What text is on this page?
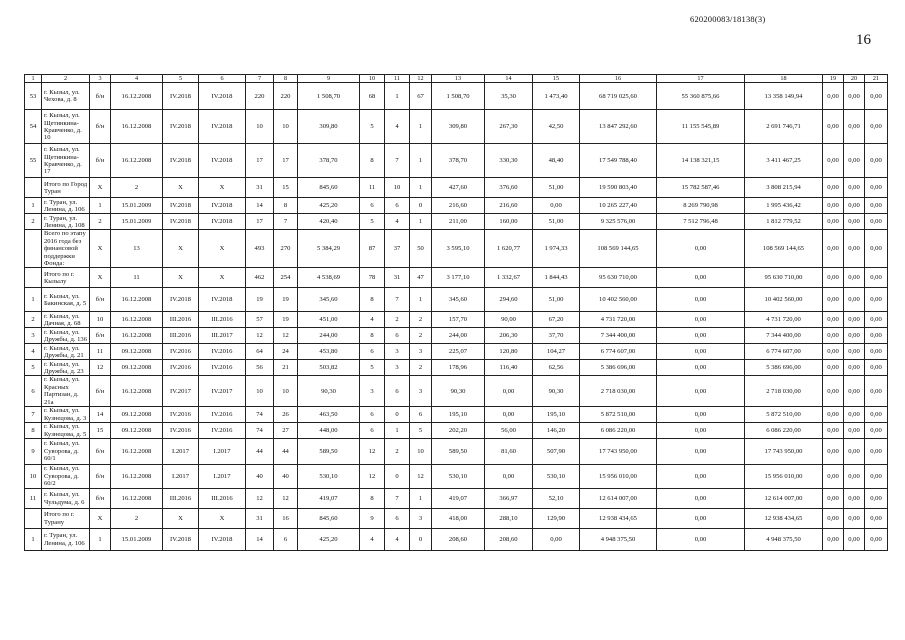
620200083/18138(3)
16
1	2	3	4	5	6	7	8	9	10	11	12	13	14	15	16	17	18	19	20	21
53	г. Кызыл, ул. Чехова, д. 8	б/н	16.12.2008	IV.2018	IV.2018	220	220	1 508,70	68	1	67	1 508,70	35,30	1 473,40	68 719 025,60	55 360 875,66	13 358 149,94	0,00	0,00	0,00
54	г. Кызыл, ул. Щетинкина-Кравченко, д. 10	б/н	16.12.2008	IV.2018	IV.2018	10	10	309,80	5	4	1	309,80	267,30	42,50	13 847 292,60	11 155 545,89	2 691 746,71	0,00	0,00	0,00
55	г. Кызыл, ул. Щетинкина-Кравченко, д. 17	б/н	16.12.2008	IV.2018	IV.2018	17	17	378,70	8	7	1	378,70	330,30	48,40	17 549 788,40	14 138 321,15	3 411 467,25	0,00	0,00	0,00
	Итого по Город Туран	X	2	X	X	31	15	845,60	11	10	1	427,60	376,60	51,00	19 590 803,40	15 782 587,46	3 808 215,94	0,00	0,00	0,00
1	г. Туран, ул. Ленина, д. 106	1	15.01.2009	IV.2018	IV.2018	14	8	425,20	6	6	0	216,60	216,60	0,00	10 265 227,40	8 269 790,98	1 995 436,42	0,00	0,00	0,00
2	г. Туран, ул. Ленина, д. 108	2	15.01.2009	IV.2018	IV.2018	17	7	420,40	5	4	1	211,00	160,00	51,00	9 325 576,00	7 512 796,48	1 812 779,52	0,00	0,00	0,00
	Всего по этапу 2016 года без финансовой поддержки Фонда:	X	13	X	X	493	270	5 384,29	87	37	50	3 595,10	1 620,77	1 974,33	108 569 144,65	0,00	108 569 144,65	0,00	0,00	0,00
	Итого по г. Кызылу	X	11	X	X	462	254	4 538,69	78	31	47	3 177,10	1 332,67	1 844,43	95 630 710,00	0,00	95 630 710,00	0,00	0,00	0,00
1	г. Кызыл, ул. Бакинская, д. 5	б/н	16.12.2008	IV.2018	IV.2018	19	19	345,60	8	7	1	345,60	294,60	51,00	10 402 560,00	0,00	10 402 560,00	0,00	0,00	0,00
2	г. Кызыл, ул. Дачная, д. 68	10	16.12.2008	III.2016	III.2016	57	19	451,00	4	2	2	157,70	90,00	67,20	4 731 720,00	0,00	4 731 720,00	0,00	0,00	0,00
3	г. Кызыл, ул. Дружбы, д. 136	б/н	16.12.2008	III.2016	III.2017	12	12	244,00	8	6	2	244,00	206,30	37,70	7 344 400,00	0,00	7 344 400,00	0,00	0,00	0,00
4	г. Кызыл, ул. Дружбы, д. 21	11	09.12.2008	IV.2016	IV.2016	64	24	453,80	6	3	3	225,07	120,80	104,27	6 774 607,00	0,00	6 774 607,00	0,00	0,00	0,00
5	г. Кызыл, ул. Дружбы, д. 23	12	09.12.2008	IV.2016	IV.2016	56	21	503,82	5	3	2	178,96	116,40	62,56	5 386 696,00	0,00	5 386 696,00	0,00	0,00	0,00
6	г. Кызыл, ул. Красных Партизан, д. 21а	б/н	16.12.2008	IV.2017	IV.2017	10	10	90,30	3	6	3	90,30	0,00	90,30	2 718 030,00	0,00	2 718 030,00	0,00	0,00	0,00
7	г. Кызыл, ул. Кузнецова, д. 3	14	09.12.2008	IV.2016	IV.2016	74	26	463,50	6	0	6	195,10	0,00	195,10	5 872 510,00	0,00	5 872 510,00	0,00	0,00	0,00
8	г. Кызыл, ул. Кузнецова, д. 5	15	09.12.2008	IV.2016	IV.2016	74	27	448,00	6	1	5	202,20	56,00	146,20	6 086 220,00	0,00	6 086 220,00	0,00	0,00	0,00
9	г. Кызыл, ул. Суворова, д. 60/1	б/н	16.12.2008	I.2017	I.2017	44	44	589,50	12	2	10	589,50	81,60	507,90	17 743 950,00	0,00	17 743 950,00	0,00	0,00	0,00
10	г. Кызыл, ул. Суворова, д. 60/2	б/н	16.12.2008	I.2017	I.2017	40	40	530,10	12	0	12	530,10	0,00	530,10	15 956 010,00	0,00	15 956 010,00	0,00	0,00	0,00
11	г. Кызыл, ул. Чульдума, д. 6	б/н	16.12.2008	III.2016	III.2016	12	12	419,07	8	7	1	419,07	366,97	52,10	12 614 007,00	0,00	12 614 007,00	0,00	0,00	0,00
	Итого по г. Турану	X	2	X	X	31	16	845,60	9	6	3	418,00	288,10	129,90	12 938 434,65	0,00	12 938 434,65	0,00	0,00	0,00
1	г. Туран, ул. Ленина, д. 106	1	15.01.2009	IV.2018	IV.2018	14	6	425,20	4	4	0	208,60	208,60	0,00	4 948 375,50	0,00	4 948 375,50	0,00	0,00	0,00
